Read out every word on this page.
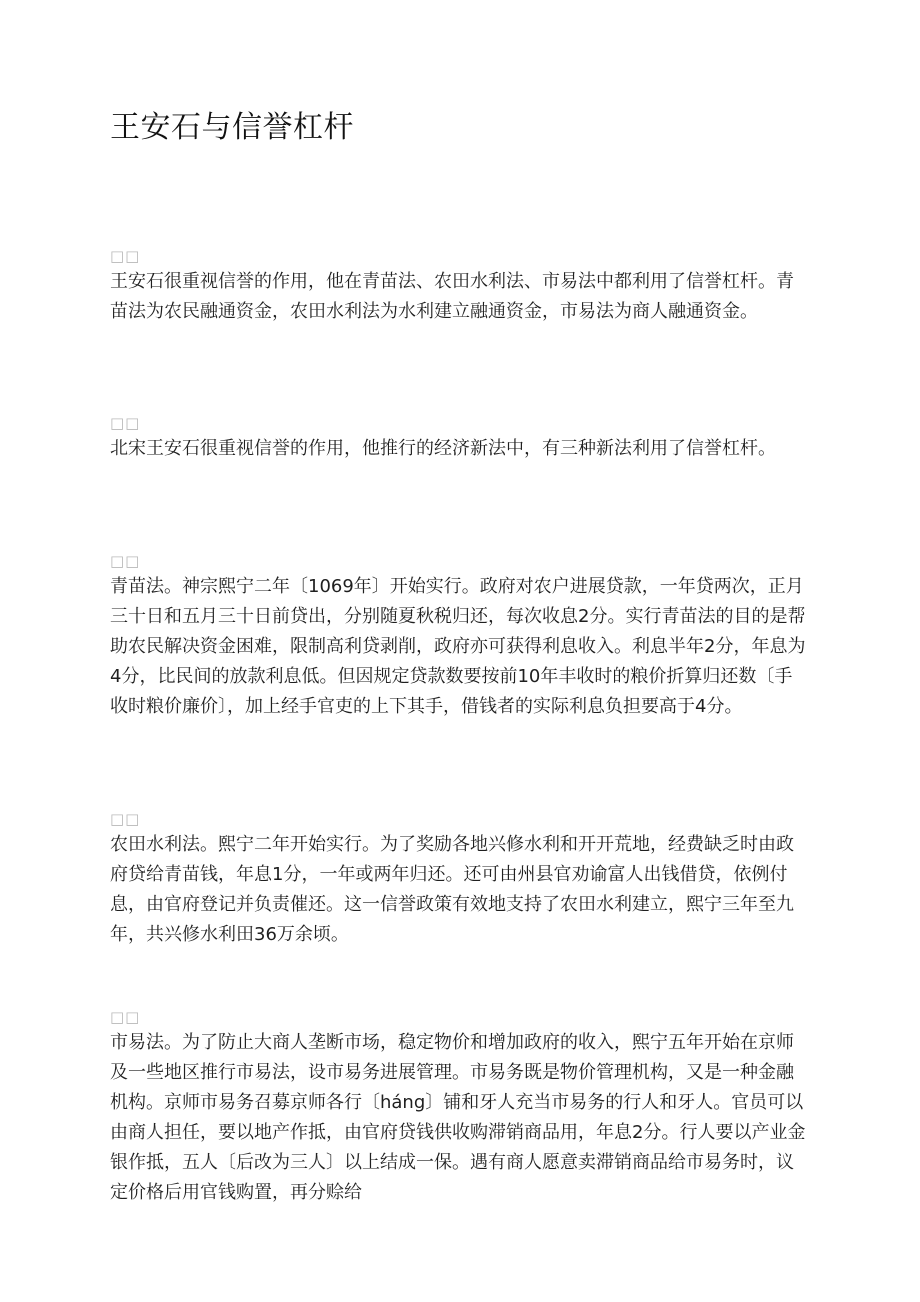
王安石与信誉杠杆
□□

王安石很重视信誉的作用，他在青苗法、农田水利法、市易法中都利用了信誉杠杆。青苗法为农民融通资金，农田水利法为水利建立融通资金，市易法为商人融通资金。

□□

北宋王安石很重视信誉的作用，他推行的经济新法中，有三种新法利用了信誉杠杆。

□□

青苗法。神宗熙宁二年〔1069年〕开始实行。政府对农户进展贷款，一年贷两次，正月三十日和五月三十日前贷出，分别随夏秋税归还，每次收息2分。实行青苗法的目的是帮助农民解决资金困难，限制高利贷剥削，政府亦可获得利息收入。利息半年2分，年息为4分，比民间的放款利息低。但因规定贷款数要按前10年丰收时的粮价折算归还数〔手收时粮价廉价〕，加上经手官吏的上下其手，借钱者的实际利息负担要高于4分。

□□

农田水利法。熙宁二年开始实行。为了奖励各地兴修水利和开开荒地，经费缺乏时由政府贷给青苗钱，年息1分，一年或两年归还。还可由州县官劝谕富人出钱借贷，依例付息，由官府登记并负责催还。这一信誉政策有效地支持了农田水利建立，熙宁三年至九年，共兴修水利田36万余顷。

□□

市易法。为了防止大商人垄断市场，稳定物价和增加政府的收入，熙宁五年开始在京师及一些地区推行市易法，设市易务进展管理。市易务既是物价管理机构，又是一种金融机构。京师市易务召募京师各行〔háng〕铺和牙人充当市易务的行人和牙人。官员可以由商人担任，要以地产作抵，由官府贷钱供收购滞销商品用，年息2分。行人要以产业金银作抵，五人〔后改为三人〕以上结成一保。遇有商人愿意卖滞销商品给市易务时，议定价格后用官钱购置，再分赊给
